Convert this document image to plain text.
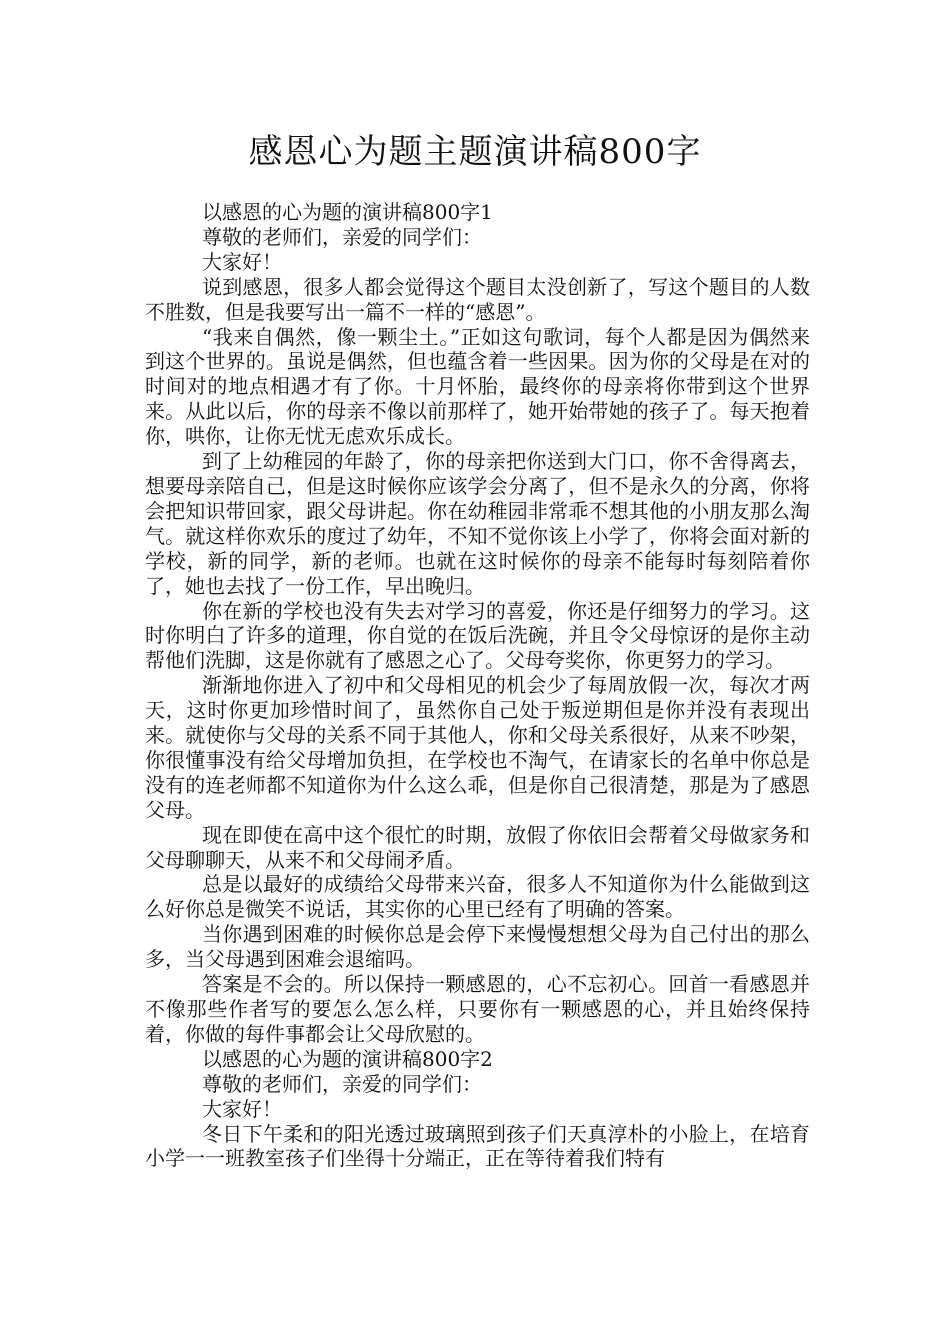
感恩心为题主题演讲稿800字

以感恩的心为题的演讲稿800字1

尊敬的老师们，亲爱的同学们：

大家好！

说到感恩，很多人都会觉得这个题目太没创新了，写这个题目的人数不胜数，但是我要写出一篇不一样的“感恩”。

“我来自偶然，像一颗尘土。”正如这句歌词，每个人都是因为偶然来到这个世界的。虽说是偶然，但也蕴含着一些因果。因为你的父母是在对的时间对的地点相遇才有了你。十月怀胎，最终你的母亲将你带到这个世界来。从此以后，你的母亲不像以前那样了，她开始带她的孩子了。每天抱着你，哄你，让你无忧无虑欢乐成长。

到了上幼稚园的年龄了，你的母亲把你送到大门口，你不舍得离去，想要母亲陪自己，但是这时候你应该学会分离了，但不是永久的分离，你将会把知识带回家，跟父母讲起。你在幼稚园非常乖不想其他的小朋友那么淘气。就这样你欢乐的度过了幼年，不知不觉你该上小学了，你将会面对新的学校，新的同学，新的老师。也就在这时候你的母亲不能每时每刻陪着你了，她也去找了一份工作，早出晚归。

你在新的学校也没有失去对学习的喜爱，你还是仔细努力的学习。这时你明白了许多的道理，你自觉的在饭后洗碗，并且令父母惊讶的是你主动帮他们洗脚，这是你就有了感恩之心了。父母夸奖你，你更努力的学习。

渐渐地你进入了初中和父母相见的机会少了每周放假一次，每次才两天，这时你更加珍惜时间了，虽然你自己处于叛逆期但是你并没有表现出来。就使你与父母的关系不同于其他人，你和父母关系很好，从来不吵架，你很懂事没有给父母增加负担，在学校也不淘气，在请家长的名单中你总是没有的连老师都不知道你为什么这么乖，但是你自己很清楚，那是为了感恩父母。

现在即使在高中这个很忙的时期，放假了你依旧会帮着父母做家务和父母聊聊天，从来不和父母闹矛盾。

总是以最好的成绩给父母带来兴奋，很多人不知道你为什么能做到这么好你总是微笑不说话，其实你的心里已经有了明确的答案。

当你遇到困难的时候你总是会停下来慢慢想想父母为自己付出的那么多，当父母遇到困难会退缩吗。

答案是不会的。所以保持一颗感恩的，心不忘初心。回首一看感恩并不像那些作者写的要怎么怎么样，只要你有一颗感恩的心，并且始终保持着，你做的每件事都会让父母欣慰的。

以感恩的心为题的演讲稿800字2

尊敬的老师们，亲爱的同学们：

大家好！

冬日下午柔和的阳光透过玻璃照到孩子们天真淳朴的小脸上，在培育小学一一班教室孩子们坐得十分端正，正在等待着我们特有
